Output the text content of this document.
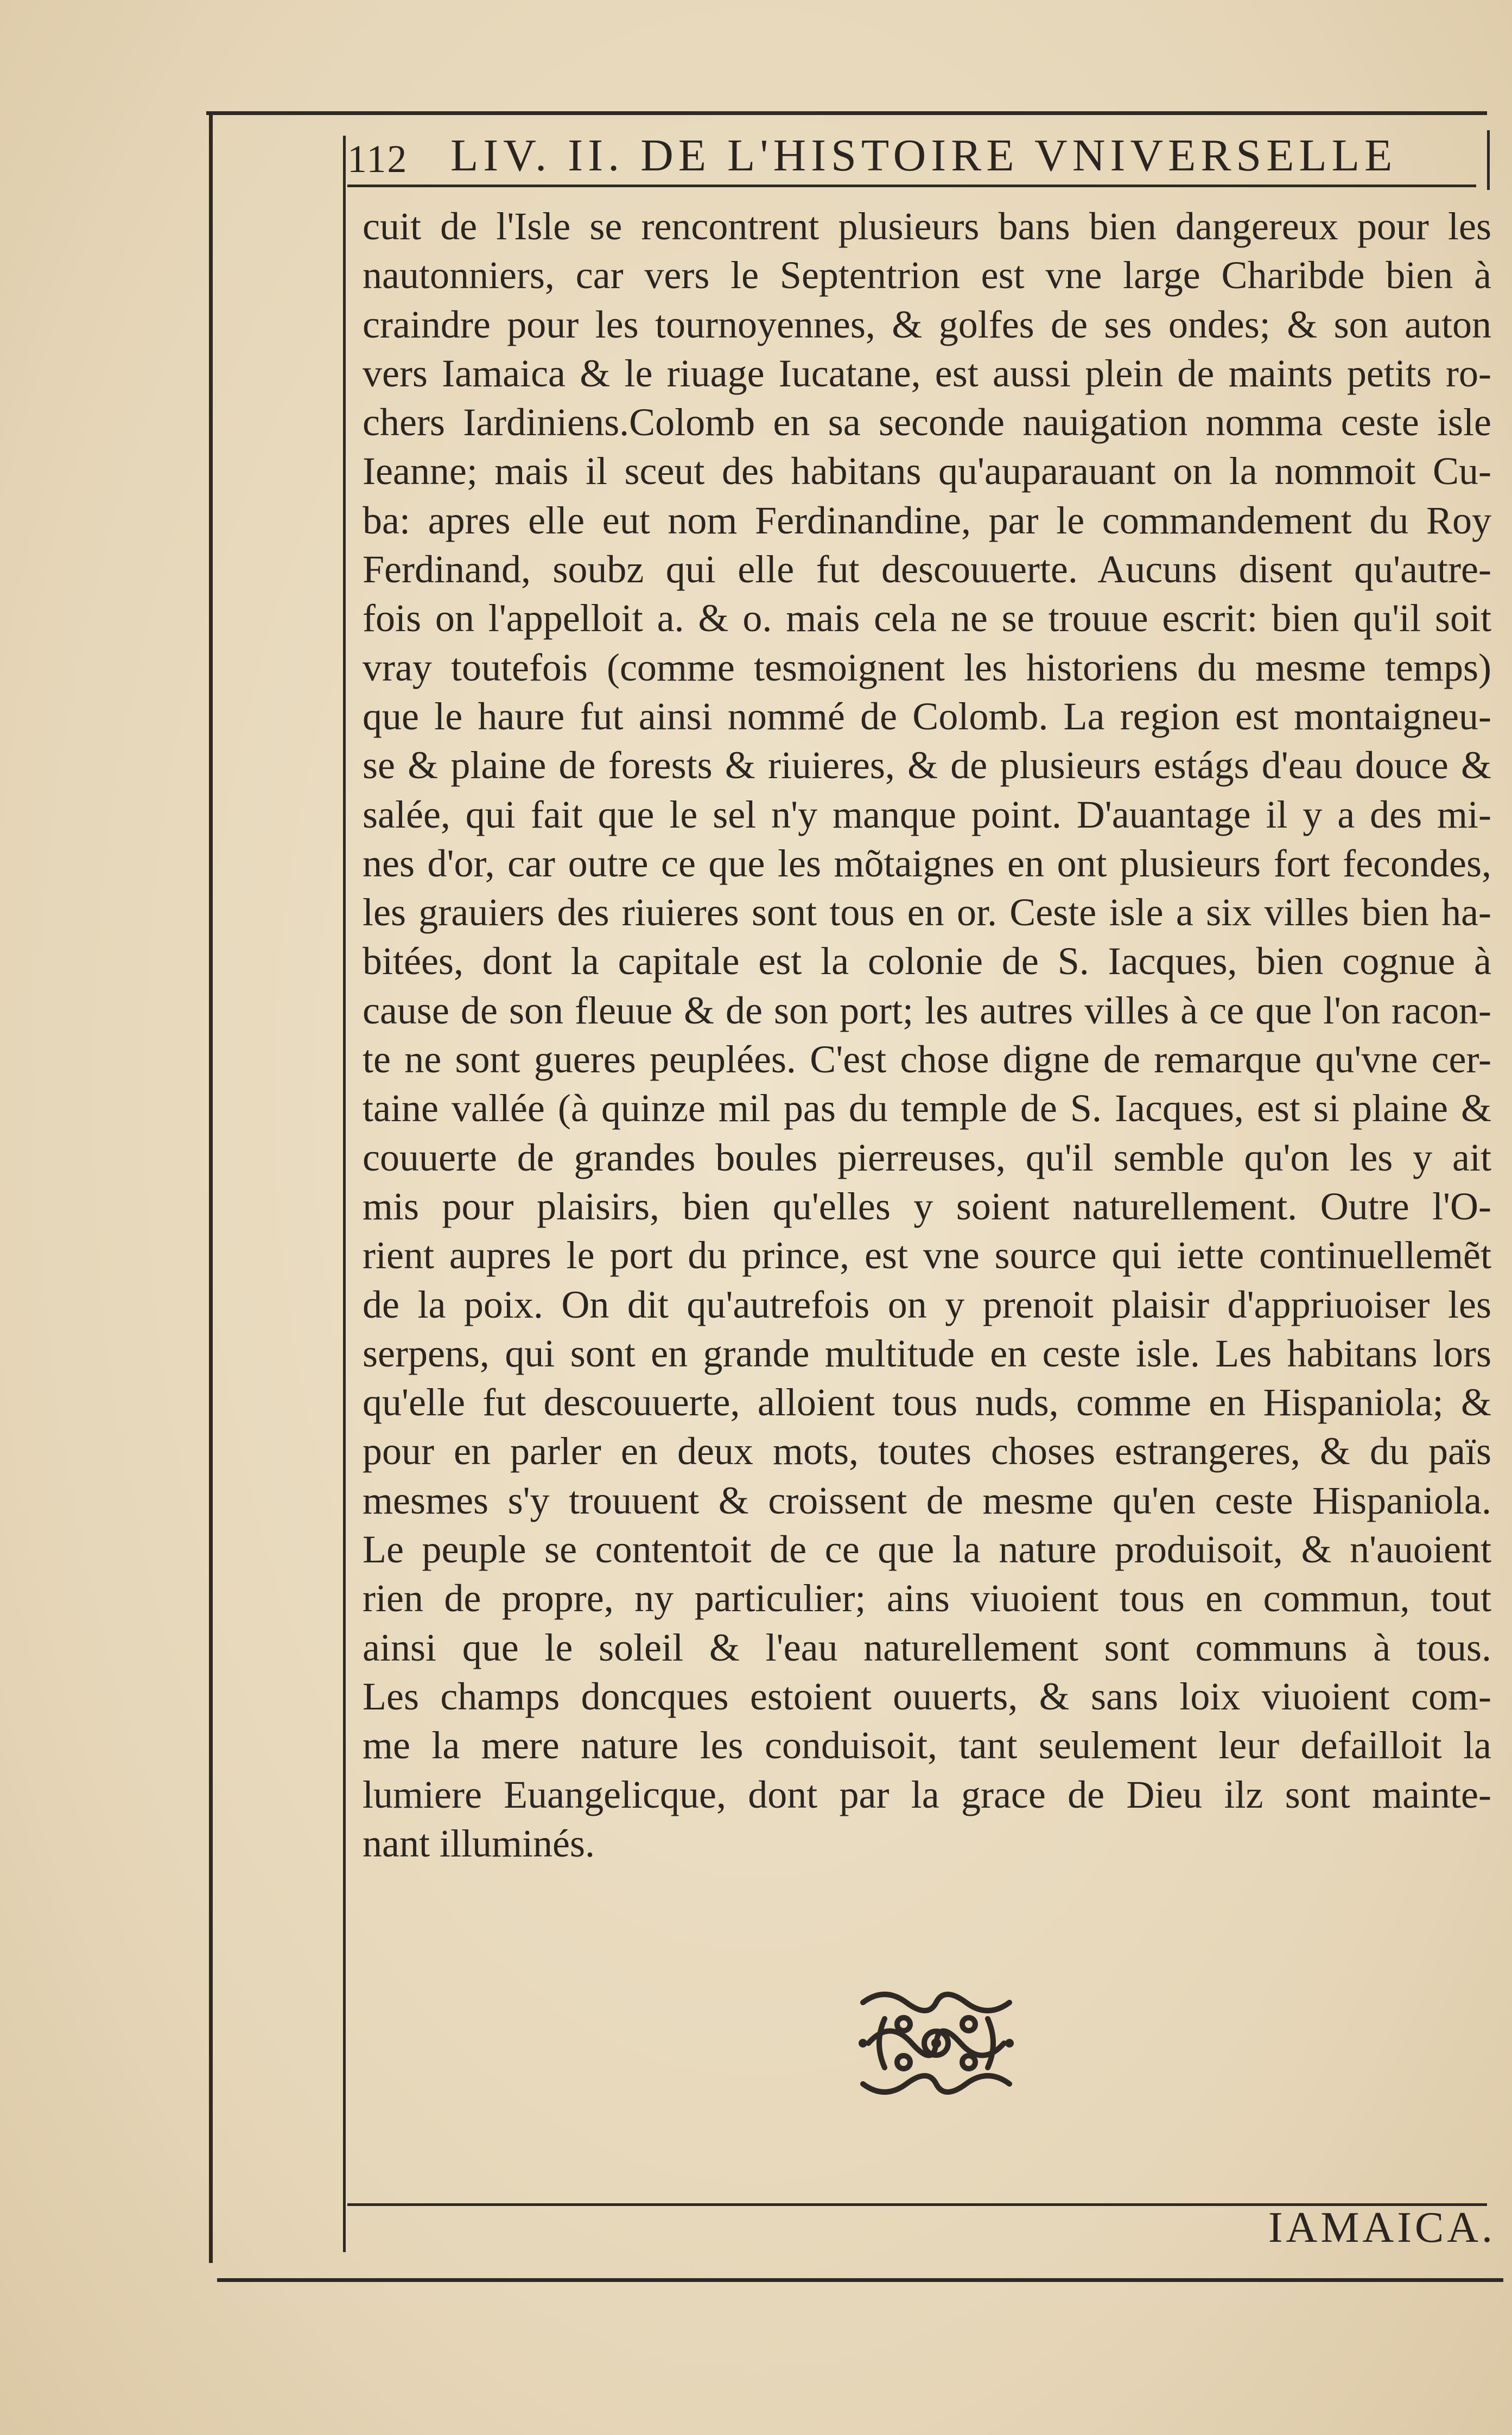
112 LIV. II. DE L'HISTOIRE VNIVERSELLE
cuit de l'Isle se rencontrent plusieurs bans bien dangereux pour les
nautonniers, car vers le Septentrion est vne large Charibde bien à
craindre pour les tournoyennes, & golfes de ses ondes; & son auton
vers Iamaica & le riuage Iucatane, est aussi plein de maints petits ro-
chers Iardiniens.Colomb en sa seconde nauigation nomma ceste isle
Ieanne; mais il sceut des habitans qu'auparauant on la nommoit Cu-
ba: apres elle eut nom Ferdinandine, par le commandement du Roy
Ferdinand, soubz qui elle fut descouuerte. Aucuns disent qu'autre-
fois on l'appelloit a. & o. mais cela ne se trouue escrit: bien qu'il soit
vray toutefois (comme tesmoignent les historiens du mesme temps)
que le haure fut ainsi nommé de Colomb. La region est montaigneu-
se & plaine de forests & riuieres, & de plusieurs estágs d'eau douce &
salée, qui fait que le sel n'y manque point. D'auantage il y a des mi-
nes d'or, car outre ce que les mõtaignes en ont plusieurs fort fecondes,
les grauiers des riuieres sont tous en or. Ceste isle a six villes bien ha-
bitées, dont la capitale est la colonie de S. Iacques, bien cognue à
cause de son fleuue & de son port; les autres villes à ce que l'on racon-
te ne sont gueres peuplées. C'est chose digne de remarque qu'vne cer-
taine vallée (à quinze mil pas du temple de S. Iacques, est si plaine &
couuerte de grandes boules pierreuses, qu'il semble qu'on les y ait
mis pour plaisirs, bien qu'elles y soient naturellement. Outre l'O-
rient aupres le port du prince, est vne source qui iette continuellemẽt
de la poix. On dit qu'autrefois on y prenoit plaisir d'appriuoiser les
serpens, qui sont en grande multitude en ceste isle. Les habitans lors
qu'elle fut descouuerte, alloient tous nuds, comme en Hispaniola; &
pour en parler en deux mots, toutes choses estrangeres, & du païs
mesmes s'y trouuent & croissent de mesme qu'en ceste Hispaniola.
Le peuple se contentoit de ce que la nature produisoit, & n'auoient
rien de propre, ny particulier; ains viuoient tous en commun, tout
ainsi que le soleil & l'eau naturellement sont communs à tous.
Les champs doncques estoient ouuerts, & sans loix viuoient com-
me la mere nature les conduisoit, tant seulement leur defailloit la
lumiere Euangelicque, dont par la grace de Dieu ilz sont mainte-
nant illuminés.
IAMAICA.
